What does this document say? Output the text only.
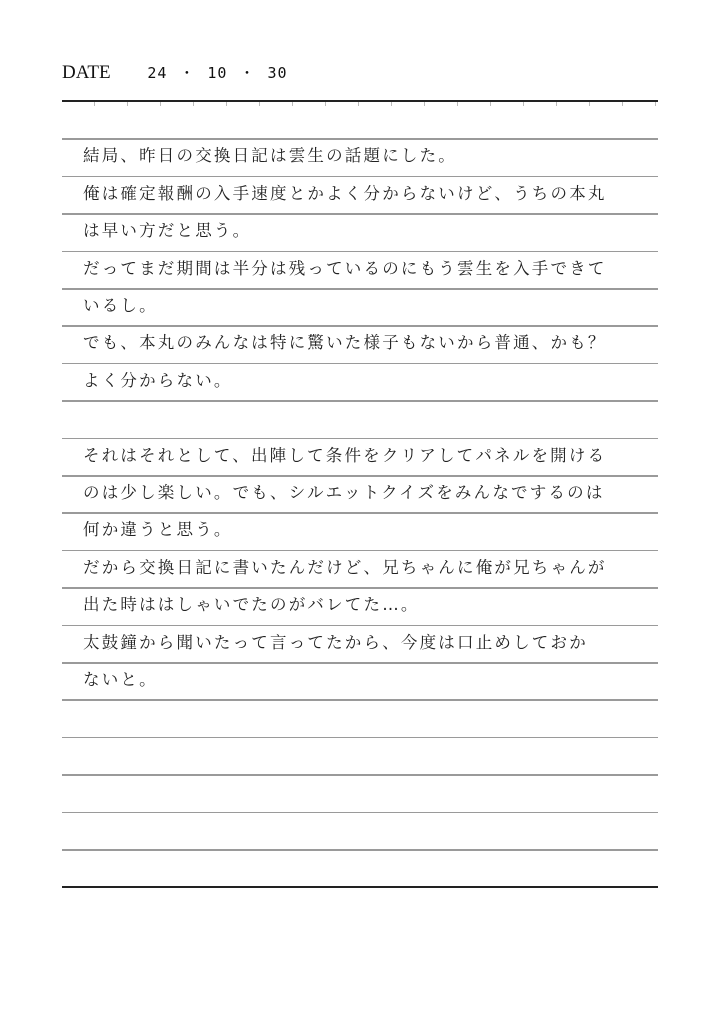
DATE 24 ・ 10 ・ 30
結局、昨日の交換日記は雲生の話題にした。
俺は確定報酬の入手速度とかよく分からないけど、うちの本丸
は早い方だと思う。
だってまだ期間は半分は残っているのにもう雲生を入手できて
いるし。
でも、本丸のみんなは特に驚いた様子もないから普通、かも？
よく分からない。
それはそれとして、出陣して条件をクリアしてパネルを開ける
のは少し楽しい。でも、シルエットクイズをみんなでするのは
何か違うと思う。
だから交換日記に書いたんだけど、兄ちゃんに俺が兄ちゃんが
出た時ははしゃいでたのがバレてた…。
太鼓鐘から聞いたって言ってたから、今度は口止めしておか
ないと。
